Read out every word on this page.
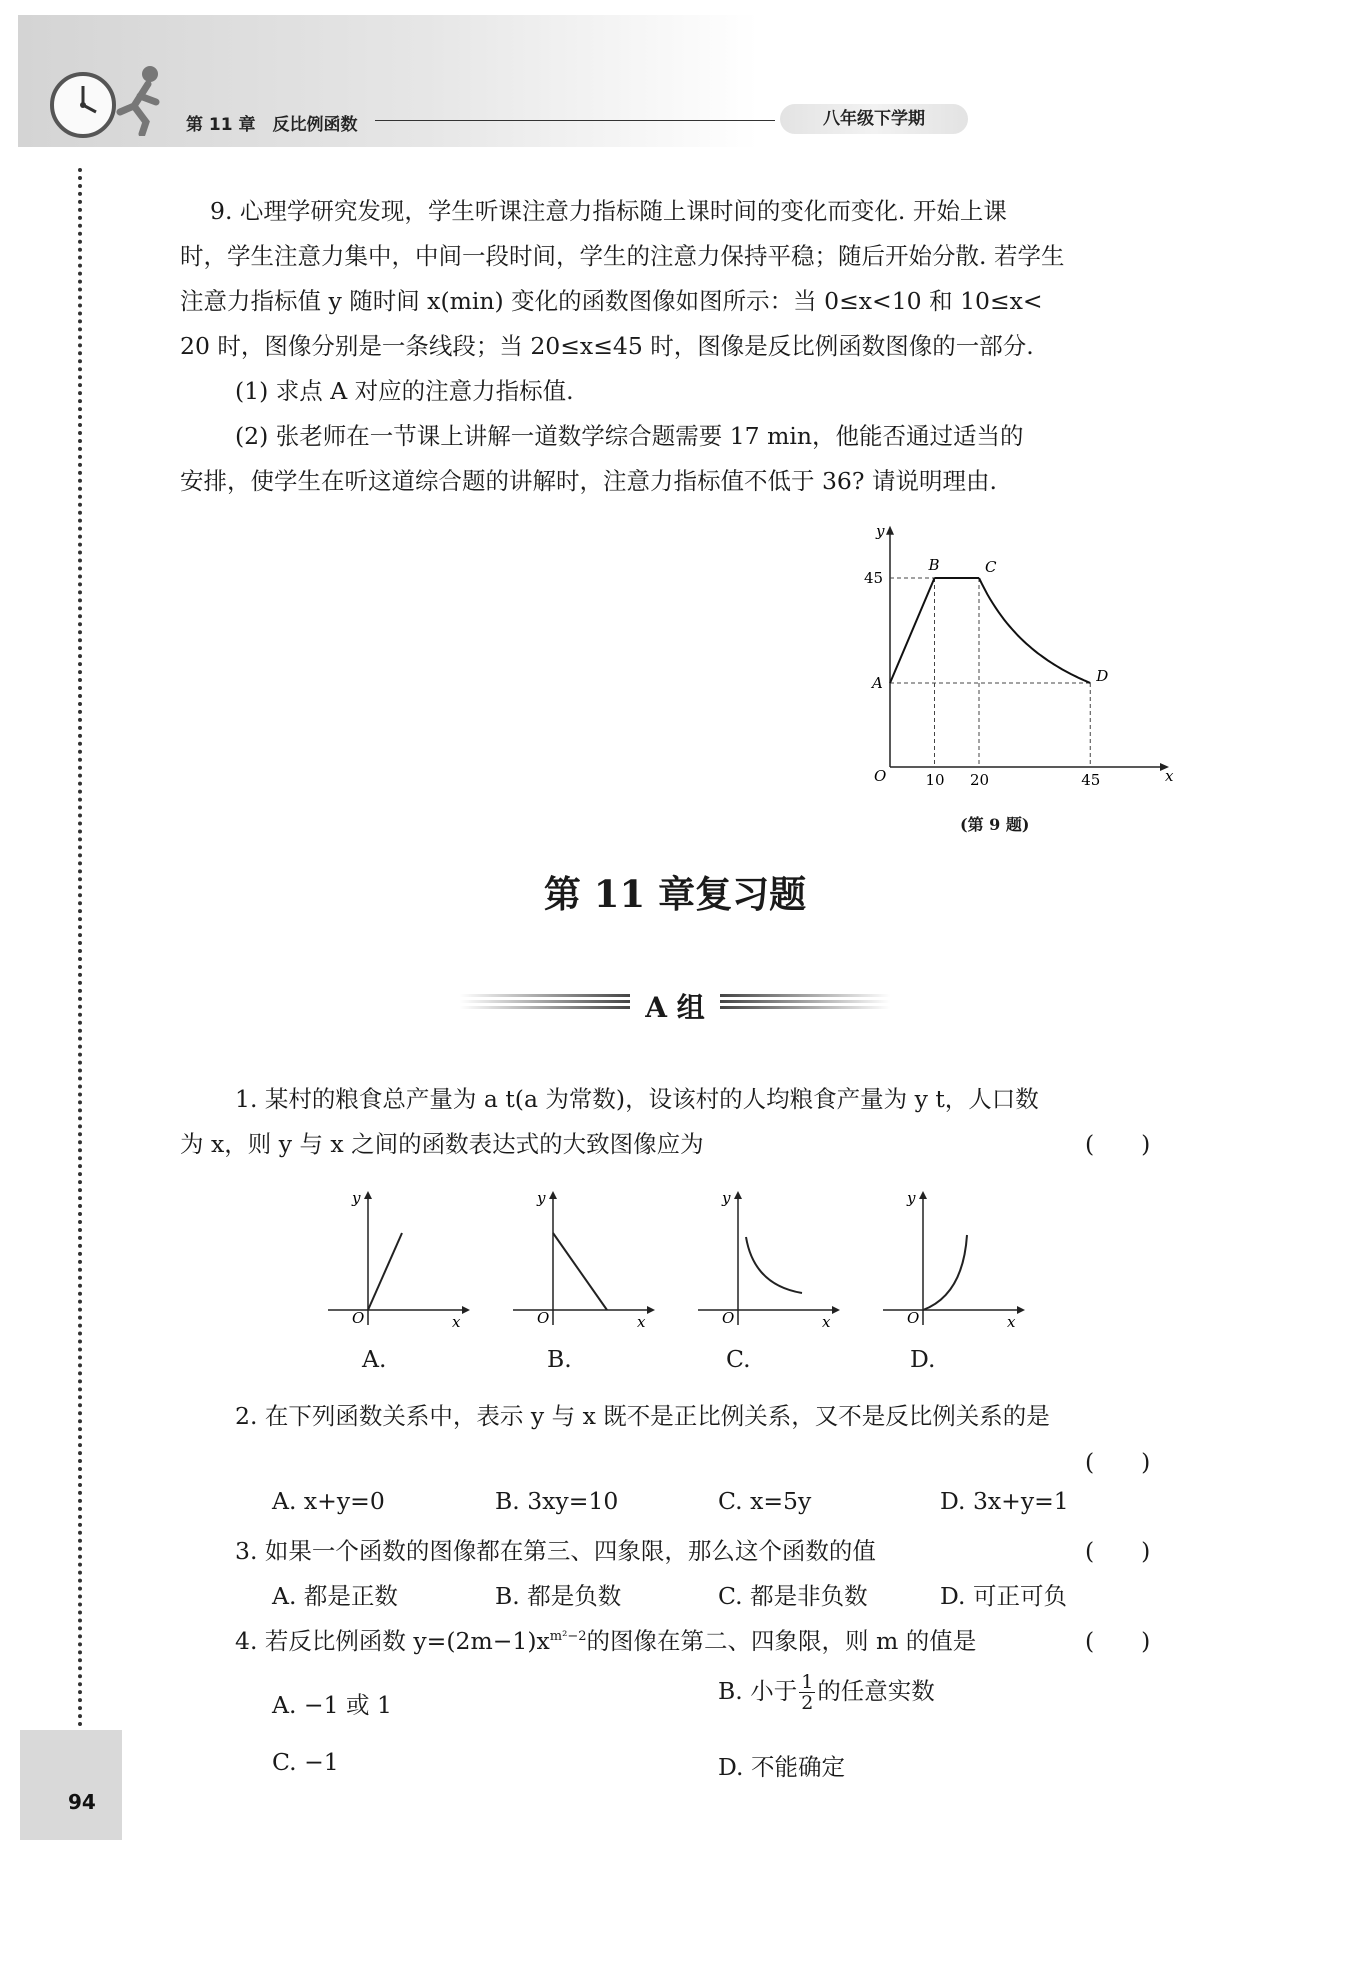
第 11 章　反比例函数	八年级下学期
94
9. 心理学研究发现，学生听课注意力指标随上课时间的变化而变化. 开始上课
时，学生注意力集中，中间一段时间，学生的注意力保持平稳；随后开始分散. 若学生
注意力指标值 y 随时间 x(min) 变化的函数图像如图所示：当 0≤x<10 和 10≤x<
20 时，图像分别是一条线段；当 20≤x≤45 时，图像是反比例函数图像的一部分.
(1) 求点 A 对应的注意力指标值.
(2) 张老师在一节课上讲解一道数学综合题需要 17 min，他能否通过适当的
安排，使学生在听这道综合题的讲解时，注意力指标值不低于 36? 请说明理由.
O	x
y
A
B	C
D
10 20	45
45
(第 9 题)
第 11 章复习题
A 组
1. 某村的粮食总产量为 a t(a 为常数)，设该村的人均粮食产量为 y t，人口数
为 x，则 y 与 x 之间的函数表达式的大致图像应为	(　　)
O	x
y
O	x
y
O	x
y
O	x
y
A.	B.	C.	D.
2. 在下列函数关系中，表示 y 与 x 既不是正比例关系，又不是反比例关系的是
(　　)
A. x+y=0	B. 3xy=10	C. x=5y	D. 3x+y=1
3. 如果一个函数的图像都在第三、四象限，那么这个函数的值	(　　)
A. 都是正数	B. 都是负数	C. 都是非负数	D. 可正可负
4. 若反比例函数 $y=(2m-1)x^{m^2-2}$的图像在第二、四象限，则 m 的值是	(　　)
A. −1 或 1	B. 小于 $\frac{1}{2}$ 的任意实数
C. −1	D. 不能确定
